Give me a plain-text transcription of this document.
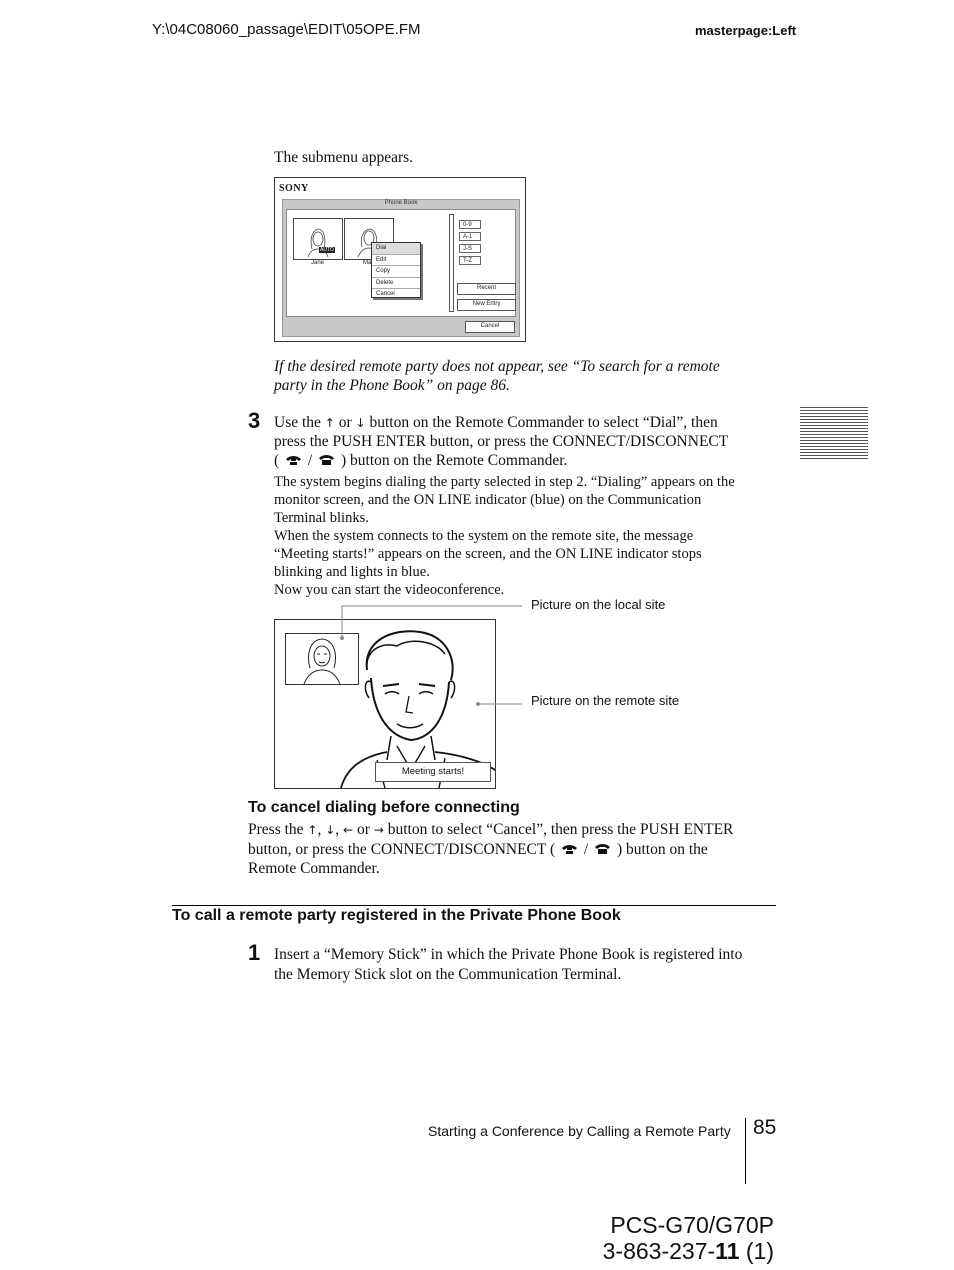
Y:\04C08060_passage\EDIT\05OPE.FM	masterpage:Left
The submenu appears.
SONY
Phone Book
AUTO
Jane	Ma
Dial
Edit
Copy
Delete
Cancel
0-9
A-1
J-S
T-Z
Recent
New Entry
Cancel
If the desired remote party does not appear, see “To search for a remote
party in the Phone Book” on page 86.
3 Use the ↑ or ↓ button on the Remote Commander to select “Dial”, then
press the PUSH ENTER button, or press the CONNECT/DISCONNECT
(  /  ) button on the Remote Commander.
The system begins dialing the party selected in step 2. “Dialing” appears on the
monitor screen, and the ON LINE indicator (blue) on the Communication
Terminal blinks.
When the system connects to the system on the remote site, the message
“Meeting starts!” appears on the screen, and the ON LINE indicator stops
blinking and lights in blue.
Now you can start the videoconference.
Meeting starts!
Picture on the local site
Picture on the remote site
To cancel dialing before connecting
Press the ↑, ↓, ← or → button to select “Cancel”, then press the PUSH ENTER
button, or press the CONNECT/DISCONNECT (  /  ) button on the
Remote Commander.
To call a remote party registered in the Private Phone Book
1 Insert a “Memory Stick” in which the Private Phone Book is registered into
the Memory Stick slot on the Communication Terminal.
Starting a Conference by Calling a Remote Party 85
PCS-G70/G70P
3-863-237-11 (1)
